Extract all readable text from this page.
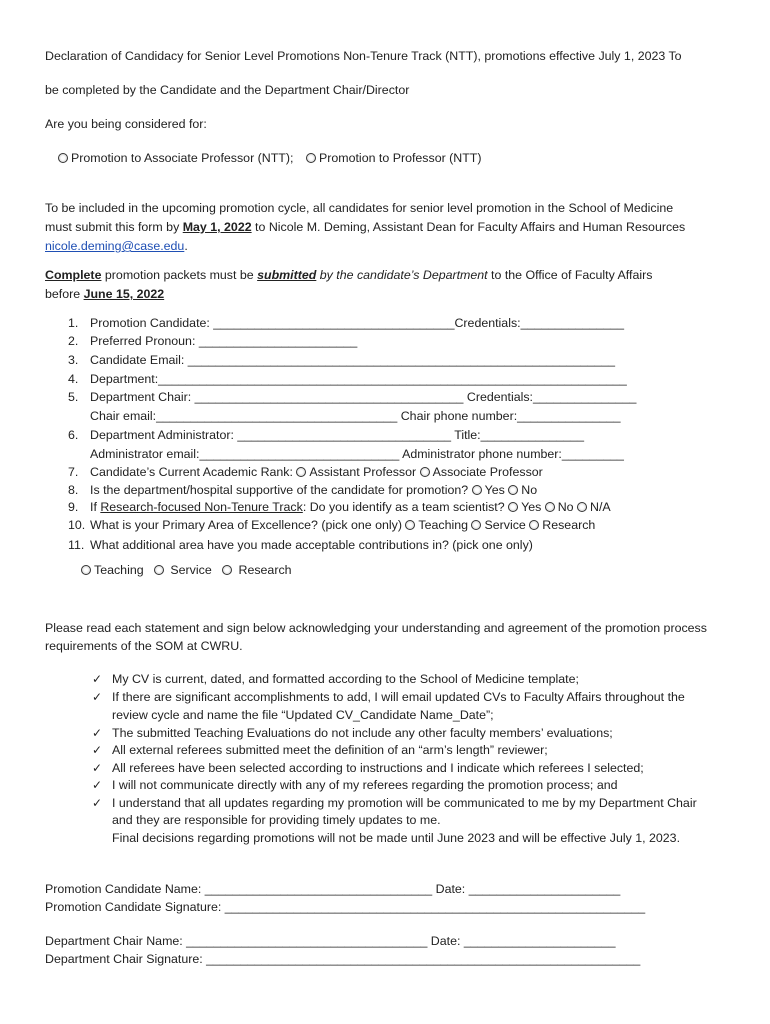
Declaration of Candidacy for Senior Level Promotions Non-Tenure Track (NTT), promotions effective July 1, 2023 To
be completed by the Candidate and the Department Chair/Director
Are you being considered for:
Promotion to Associate Professor (NTT);	Promotion to Professor (NTT)
To be included in the upcoming promotion cycle, all candidates for senior level promotion in the School of Medicine
must submit this form by May 1, 2022 to Nicole M. Deming, Assistant Dean for Faculty Affairs and Human Resources
nicole.deming@case.edu.
Complete promotion packets must be submitted by the candidate’s Department to the Office of Faculty Affairs
before June 15, 2022
1. Promotion Candidate: ___________________________________Credentials:_______________
2. Preferred Pronoun: _______________________
3. Candidate Email: ______________________________________________________________
4. Department:____________________________________________________________________
5. Department Chair: _______________________________________ Credentials:_______________
Chair email:___________________________________ Chair phone number:_______________
6. Department Administrator: _______________________________ Title:_______________
Administrator email:_____________________________ Administrator phone number:_________
7. Candidate’s Current Academic Rank: Assistant Professor Associate Professor
8. Is the department/hospital supportive of the candidate for promotion? Yes No
9. If Research-focused Non-Tenure Track: Do you identify as a team scientist? Yes No N/A
10. What is your Primary Area of Excellence? (pick one only) Teaching Service Research
11. What additional area have you made acceptable contributions in? (pick one only)
Teaching Service Research
Please read each statement and sign below acknowledging your understanding and agreement of the promotion process
requirements of the SOM at CWRU.
✓ My CV is current, dated, and formatted according to the School of Medicine template;
✓ If there are significant accomplishments to add, I will email updated CVs to Faculty Affairs throughout the
review cycle and name the file “Updated CV_Candidate Name_Date”;
✓ The submitted Teaching Evaluations do not include any other faculty members’ evaluations;
✓ All external referees submitted meet the definition of an “arm’s length” reviewer;
✓ All referees have been selected according to instructions and I indicate which referees I selected;
✓ I will not communicate directly with any of my referees regarding the promotion process; and
✓ I understand that all updates regarding my promotion will be communicated to me by my Department Chair
and they are responsible for providing timely updates to me.
Final decisions regarding promotions will not be made until June 2023 and will be effective July 1, 2023.
Promotion Candidate Name: _________________________________ Date: ______________________
Promotion Candidate Signature: _____________________________________________________________
Department Chair Name: ___________________________________ Date: ______________________
Department Chair Signature: _______________________________________________________________
